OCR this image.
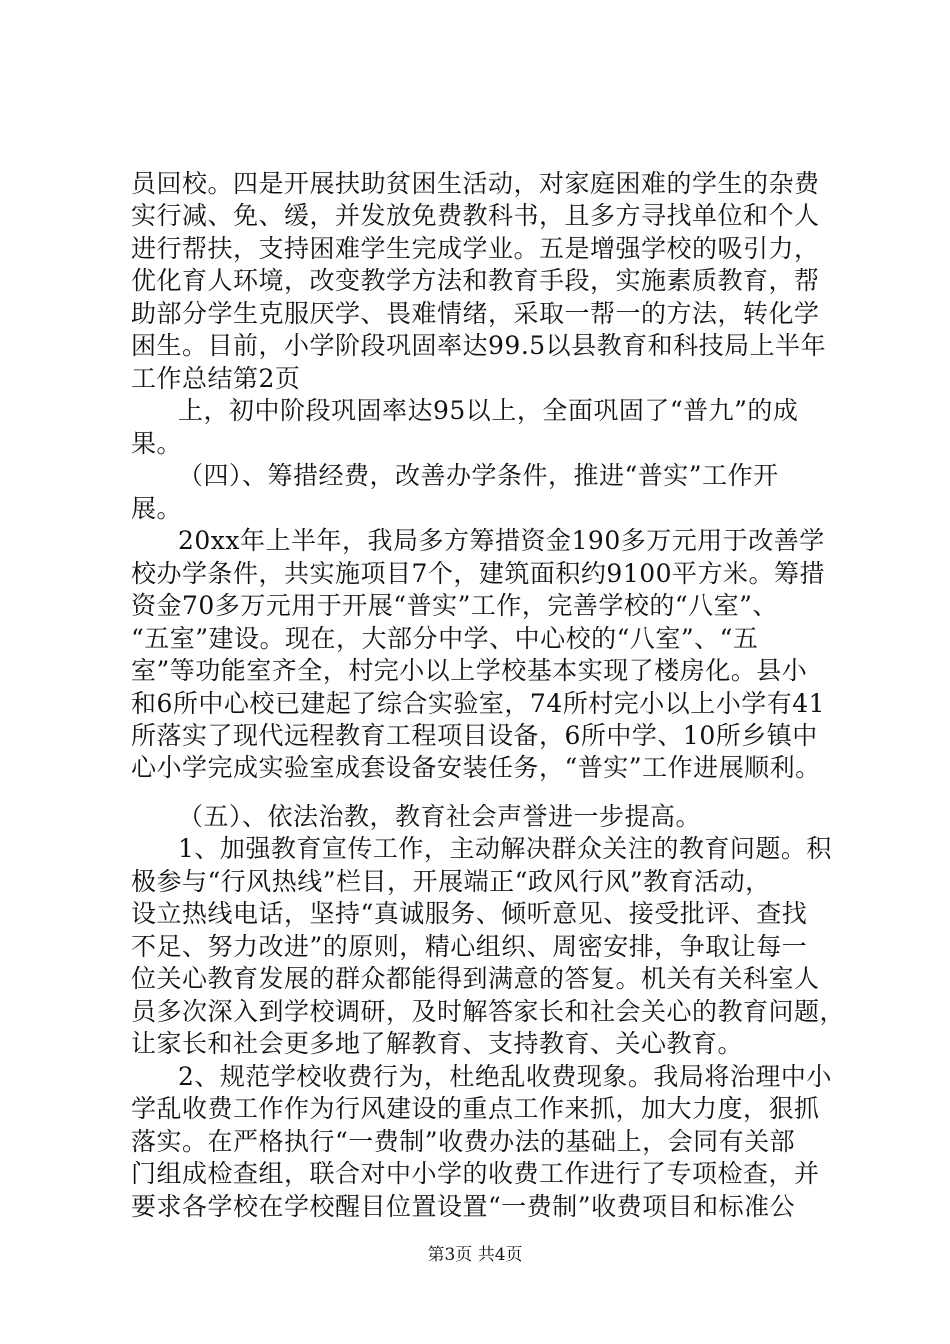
员回校。四是开展扶助贫困生活动，对家庭困难的学生的杂费
实行减、免、缓，并发放免费教科书，且多方寻找单位和个人
进行帮扶，支持困难学生完成学业。五是增强学校的吸引力，
优化育人环境，改变教学方法和教育手段，实施素质教育，帮
助部分学生克服厌学、畏难情绪，采取一帮一的方法，转化学
困生。目前，小学阶段巩固率达99.5以县教育和科技局上半年
工作总结第2页
上，初中阶段巩固率达95以上，全面巩固了“普九”的成
果。
（四）、筹措经费，改善办学条件，推进“普实”工作开
展。
20xx年上半年，我局多方筹措资金190多万元用于改善学
校办学条件，共实施项目7个，建筑面积约9100平方米。筹措
资金70多万元用于开展“普实”工作，完善学校的“八室”、
“五室”建设。现在，大部分中学、中心校的“八室”、“五
室”等功能室齐全，村完小以上学校基本实现了楼房化。县小
和6所中心校已建起了综合实验室，74所村完小以上小学有41
所落实了现代远程教育工程项目设备，6所中学、10所乡镇中
心小学完成实验室成套设备安装任务，“普实”工作进展顺利。
（五）、依法治教，教育社会声誉进一步提高。
1、加强教育宣传工作，主动解决群众关注的教育问题。积
极参与“行风热线”栏目，开展端正“政风行风”教育活动，
设立热线电话，坚持“真诚服务、倾听意见、接受批评、查找
不足、努力改进”的原则，精心组织、周密安排，争取让每一
位关心教育发展的群众都能得到满意的答复。机关有关科室人
员多次深入到学校调研，及时解答家长和社会关心的教育问题，
让家长和社会更多地了解教育、支持教育、关心教育。
2、规范学校收费行为，杜绝乱收费现象。我局将治理中小
学乱收费工作作为行风建设的重点工作来抓，加大力度，狠抓
落实。在严格执行“一费制”收费办法的基础上，会同有关部
门组成检查组，联合对中小学的收费工作进行了专项检查，并
要求各学校在学校醒目位置设置“一费制”收费项目和标准公
第3页 共4页
